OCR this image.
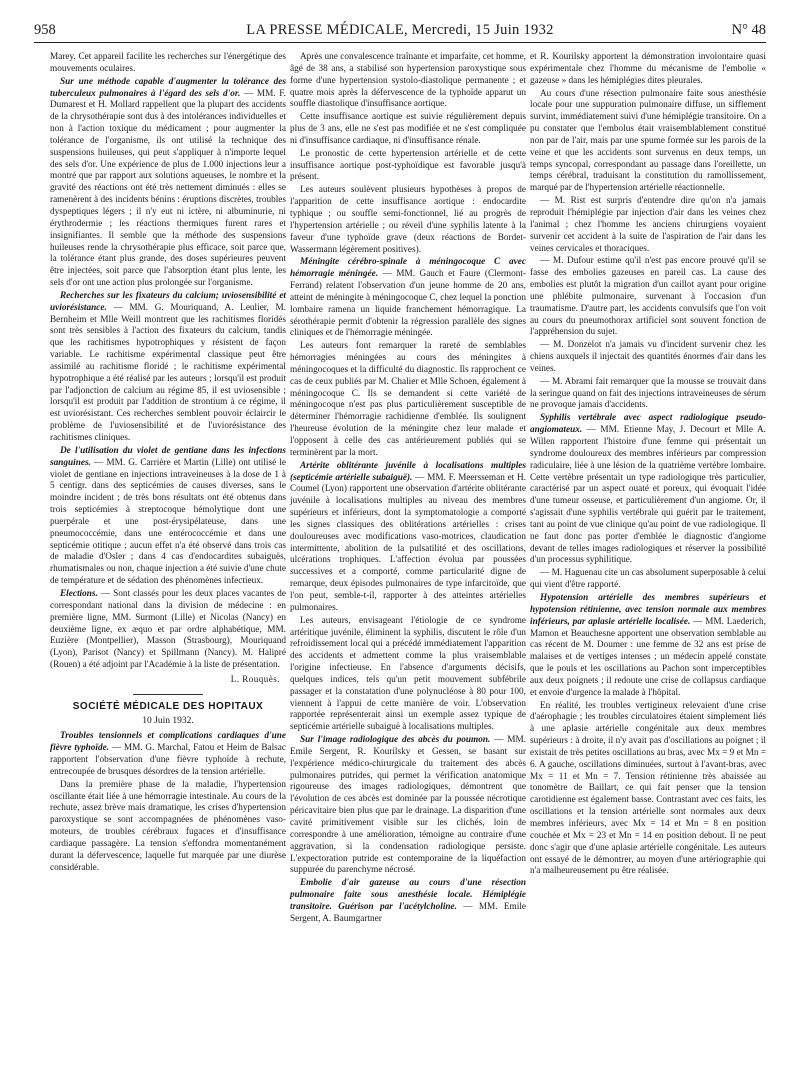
958	LA PRESSE MÉDICALE, Mercredi, 15 Juin 1932	N° 48

Marey. Cet appareil facilite les recherches sur l'énergétique des mouvements oculaires.

Sur une méthode capable d'augmenter la tolérance des tuberculeux pulmonaires à l'égard des sels d'or. — MM. F. Dumarest et H. Mollard rappellent que la plupart des accidents de la chrysothérapie sont dus à des intolérances individuelles et non à l'action toxique du médicament ; pour augmenter la tolérance de l'organisme, ils ont utilisé la technique des suspensions huileuses, qui peut s'appliquer à n'importe lequel des sels d'or. Une expérience de plus de 1.000 injections leur a montré que par rapport aux solutions aqueuses, le nombre et la gravité des réactions ont été très nettement diminués : elles se ramenèrent à des incidents bénins : éruptions discrètes, troubles dyspeptiques légers ; il n'y eut ni ictère, ni albuminurie, ni érythrodermie ; les réactions thermiques furent rares et insignifiantes. Il semble que la méthode des suspensions huileuses rende la chrysothérapie plus efficace, soit parce que, la tolérance étant plus grande, des doses supérieures peuvent être injectées, soit parce que l'absorption étant plus lente, les sels d'or ont une action plus prolongée sur l'organisme.

Recherches sur les fixateurs du calcium; uviosensibilité et uviorésistance. — MM. G. Mouriquand, A. Leulier, M. Bernheim et Mlle Weill montrent que les rachitismes floridés sont très sensibles à l'action des fixateurs du calcium, tandis que les rachitismes hypotrophiques y résistent de façon variable. Le rachitisme expérimental classique peut être assimilé au rachitisme floridé ; le rachitisme expérimental hypotrophique a été réalisé par les auteurs ; lorsqu'il est produit par l'adjonction de calcium au régime 85, il est uviosensible ; lorsqu'il est produit par l'addition de strontium à ce régime, il est uviorésistant. Ces recherches semblent pouvoir éclaircir le problème de l'uviosensibilité et de l'uviorésistance des rachitismes cliniques.

De l'utilisation du violet de gentiane dans les infections sanguines. — MM. G. Carrière et Martin (Lille) ont utilisé le violet de gentiane en injections intraveineuses à la dose de 1 à 5 centigr. dans des septicémies de causes diverses, sans le moindre incident ; de très bons résultats ont été obtenus dans trois septicémies à streptocoque hémolytique dont une puerpérale et une post-érysipélateuse, dans une pneumococcémie, dans une entérococcémie et dans une septicémie otitique ; aucun effet n'a été observé dans trois cas de maladie d'Osler ; dans 4 cas d'endocardites subaiguës, rhumatismales ou non, chaque injection a été suivie d'une chute de température et de sédation des phénomènes infectieux.

Elections. — Sont classés pour les deux places vacantes de correspondant national dans la division de médecine : en première ligne, MM. Surmont (Lille) et Nicolas (Nancy) en deuxième ligne, ex æquo et par ordre alphabétique, MM. Euzière (Montpellier), Masson (Strasbourg), Mouriquand (Lyon), Parisot (Nancy) et Spillmann (Nancy). M. Halipré (Rouen) a été adjoint par l'Académie à la liste de présentation.

L. Rouquès.
SOCIÉTÉ MÉDICALE DES HOPITAUX
10 Juin 1932.

Troubles tensionnels et complications cardiaques d'une fièvre typhoïde. — MM. G. Marchal, Fatou et Heim de Balsac rapportent l'observation d'une fièvre typhoïde à rechute, entrecoupée de brusques désordres de la tension artérielle.

Dans la première phase de la maladie, l'hypertension oscillante était liée à une hémorragie intestinale. Au cours de la rechute, assez brève mais dramatique, les crises d'hypertension paroxystique se sont accompagnées de phénomènes vaso-moteurs, de troubles cérébraux fugaces et d'insuffisance cardiaque passagère. La tension s'effondra momentanément durant la défervescence, laquelle fut marquée par une diurèse considérable.

Après une convalescence traînante et imparfaite, cet homme, âgé de 38 ans, a stabilisé son hypertension paroxystique sous forme d'une hypertension systolo-diastolique permanente ; et quatre mois après la défervescence de la typhoïde apparut un souffle diastolique d'insuffisance aortique.

Cette insuffisance aortique est suivie régulièrement depuis plus de 3 ans, elle ne s'est pas modifiée et ne s'est compliquée ni d'insuffisance cardiaque, ni d'insuffisance rénale.

Le pronostic de cette hypertension artérielle et de cette insuffisance aortique post-typhoïdique est favorable jusqu'à présent.

Les auteurs soulèvent plusieurs hypothèses à propos de l'apparition de cette insuffisance aortique : endocardite typhique ; ou souffle semi-fonctionnel, lié au progrès de l'hypertension artérielle ; ou réveil d'une syphilis latente à la faveur d'une typhoïde grave (deux réactions de Bordet-Wassermann légèrement positives).

Méningite cérébro-spinale à méningocoque C avec hémorragie méningée. — MM. Gauch et Faure (Clermont-Ferrand) relatent l'observation d'un jeune homme de 20 ans, atteint de méningite à méningocoque C, chez lequel la ponction lombaire ramena un liquide franchement hémorragique. La sérothérapie permit d'obtenir la régression parallèle des signes cliniques et de l'hémorragie méningée.

Les auteurs font remarquer la rareté de semblables hémorragies méningées au cours des méningites à méningocoques et la difficulté du diagnostic. Ils rapprochent ce cas de ceux publiés par M. Chalier et Mlle Schoen, également à méningocoque C. Ils se demandent si cette variété de méningocoque n'est pas plus particulièrement susceptible de déterminer l'hémorragie rachidienne d'emblée. Ils soulignent l'heureuse évolution de la méningite chez leur malade et l'opposent à celle des cas antérieurement publiés qui se terminèrent par la mort.

Artérite oblitérante juvénile à localisations multiples (septicémie artérielle subaiguë). — MM. F. Meersseman et H. Coumel (Lyon) rapportent une observation d'artérite oblitérante juvénile à localisations multiples au niveau des membres supérieurs et inférieurs, dont la symptomatologie a comporté les signes classiques des oblitérations artérielles : crises douloureuses avec modifications vaso-motrices, claudication intermittente, abolition de la pulsatilité et des oscillations, ulcérations trophiques. L'affection évolua par poussées successives et a comporté, comme particularité digne de remarque, deux épisodes pulmonaires de type infarcitoïde, que l'on peut, semble-t-il, rapporter à des atteintes artérielles pulmonaires.

Les auteurs, envisageant l'étiologie de ce syndrome artéritique juvénile, éliminent la syphilis, discutent le rôle d'un refroidissement local qui a précédé immédiatement l'apparition des accidents et admettent comme la plus vraisemblable l'origine infectieuse. En l'absence d'arguments décisifs, quelques indices, tels qu'un petit mouvement subfébrile passager et la constatation d'une polynucléose à 80 pour 100, viennent à l'appui de cette manière de voir. L'observation rapportée représenterait ainsi un exemple assez typique de septicémie artérielle subaiguë à localisations multiples.

Sur l'image radiologique des abcès du poumon. — MM. Emile Sergent, R. Kourilsky et Gessen, se basant sur l'expérience médico-chirurgicale du traitement des abcès pulmonaires putrides, qui permet la vérification anatomique rigoureuse des images radiologiques, démontrent que l'évolution de ces abcès est dominée par la poussée nécrotique péricavitaire bien plus que par le drainage. La disparition d'une cavité primitivement visible sur les clichés, loin de correspondre à une amélioration, témoigne au contraire d'une aggravation, si la condensation radiologique persiste. L'expectoration putride est contemporaine de la liquéfaction suppurée du parenchyme nécrosé.

Embolie d'air gazeuse au cours d'une résection pulmonaire faite sous anesthésie locale. Hémiplégie transitoire. Guérison par l'acétylcholine. — MM. Emile Sergent, A. Baumgartner

et R. Kourilsky apportent la démonstration involontaire quasi expérimentale chez l'homme du mécanisme de l'embolie « gazeuse » dans les hémiplégies dites pleurales.

Au cours d'une résection pulmonaire faite sous anesthésie locale pour une suppuration pulmonaire diffuse, un sifflement survint, immédiatement suivi d'une hémiplégie transitoire. On a pu constater que l'embolus était vraisemblablement constitué non par de l'air, mais par une spume formée sur les parois de la veine et que les accidents sont survenus en deux temps, un temps syncopal, correspondant au passage dans l'oreillette, un temps cérébral, traduisant la constitution du ramollissement, marqué par de l'hypertension artérielle réactionnelle.

— M. Rist est surpris d'entendre dire qu'on n'a jamais reproduit l'hémiplégie par injection d'air dans les veines chez l'animal ; chez l'homme les anciens chirurgiens voyaient survenir cet accident à la suite de l'aspiration de l'air dans les veines cervicales et thoraciques.

— M. Dufour estime qu'il n'est pas encore prouvé qu'il se fasse des embolies gazeuses en pareil cas. La cause des embolies est plutôt la migration d'un caillot ayant pour origine une phlébite pulmonaire, survenant à l'occasion d'un traumatisme. D'autre part, les accidents convulsifs que l'on voit au cours du pneumothorax artificiel sont souvent fonction de l'appréhension du sujet.

— M. Donzelot n'a jamais vu d'incident survenir chez les chiens auxquels il injectait des quantités énormes d'air dans les veines.

— M. Abrami fait remarquer que la mousse se trouvait dans la seringue quand on fait des injections intraveineuses de sérum ne provoque jamais d'accidents.

Syphilis vertébrale avec aspect radiologique pseudo-angiomateux. — MM. Etienne May, J. Decourt et Mlle A. Willen rapportent l'histoire d'une femme qui présentait un syndrome douloureux des membres inférieurs par compression radiculaire, liée à une lésion de la quatrième vertèbre lombaire. Cette vertèbre présentait un type radiologique très particulier, caractérisé par un aspect ouaté et poreux, qui évoquait l'idée d'une tumeur osseuse, et particulièrement d'un angiome. Or, il s'agissait d'une syphilis vertébrale qui guérit par le traitement, tant au point de vue clinique qu'au point de vue radiologique. Il ne faut donc pas porter d'emblée le diagnostic d'angiome devant de telles images radiologiques et réserver la possibilité d'un processus syphilitique.

— M. Haguenau cite un cas absolument superposable à celui qui vient d'être rapporté.

Hypotension artérielle des membres supérieurs et hypotension rétinienne, avec tension normale aux membres inférieurs, par aplasie artérielle localisée. — MM. Laederich, Mamon et Beauchesne apportent une observation semblable au cas récent de M. Doumer : une femme de 32 ans est prise de malaises et de vertiges intenses ; un médecin appelé constate que le pouls et les oscillations au Pachon sont imperceptibles aux deux poignets ; il redoute une crise de collapsus cardiaque et envoie d'urgence la malade à l'hôpital.

En réalité, les troubles vertigineux relevaient d'une crise d'aérophagie ; les troubles circulatoires étaient simplement liés à une aplasie artérielle congénitale aux deux membres supérieurs : à droite, il n'y avait pas d'oscillations au poignet ; il existait de très petites oscillations au bras, avec Mx = 9 et Mn = 6. A gauche, oscillations diminuées, surtout à l'avant-bras, avec Mx = 11 et Mn = 7. Tension rétinienne très abaissée au tonomètre de Baillart, ce qui fait penser que la tension carotidienne est également basse. Contrastant avec ces faits, les oscillations et la tension artérielle sont normales aux deux membres inférieurs, avec Mx = 14 et Mn = 8 en position couchée et Mx = 23 et Mn = 14 en position debout. Il ne peut donc s'agir que d'une aplasie artérielle congénitale. Les auteurs ont essayé de le démontrer, au moyen d'une artériographie qui n'a malheureusement pu être réalisée.
